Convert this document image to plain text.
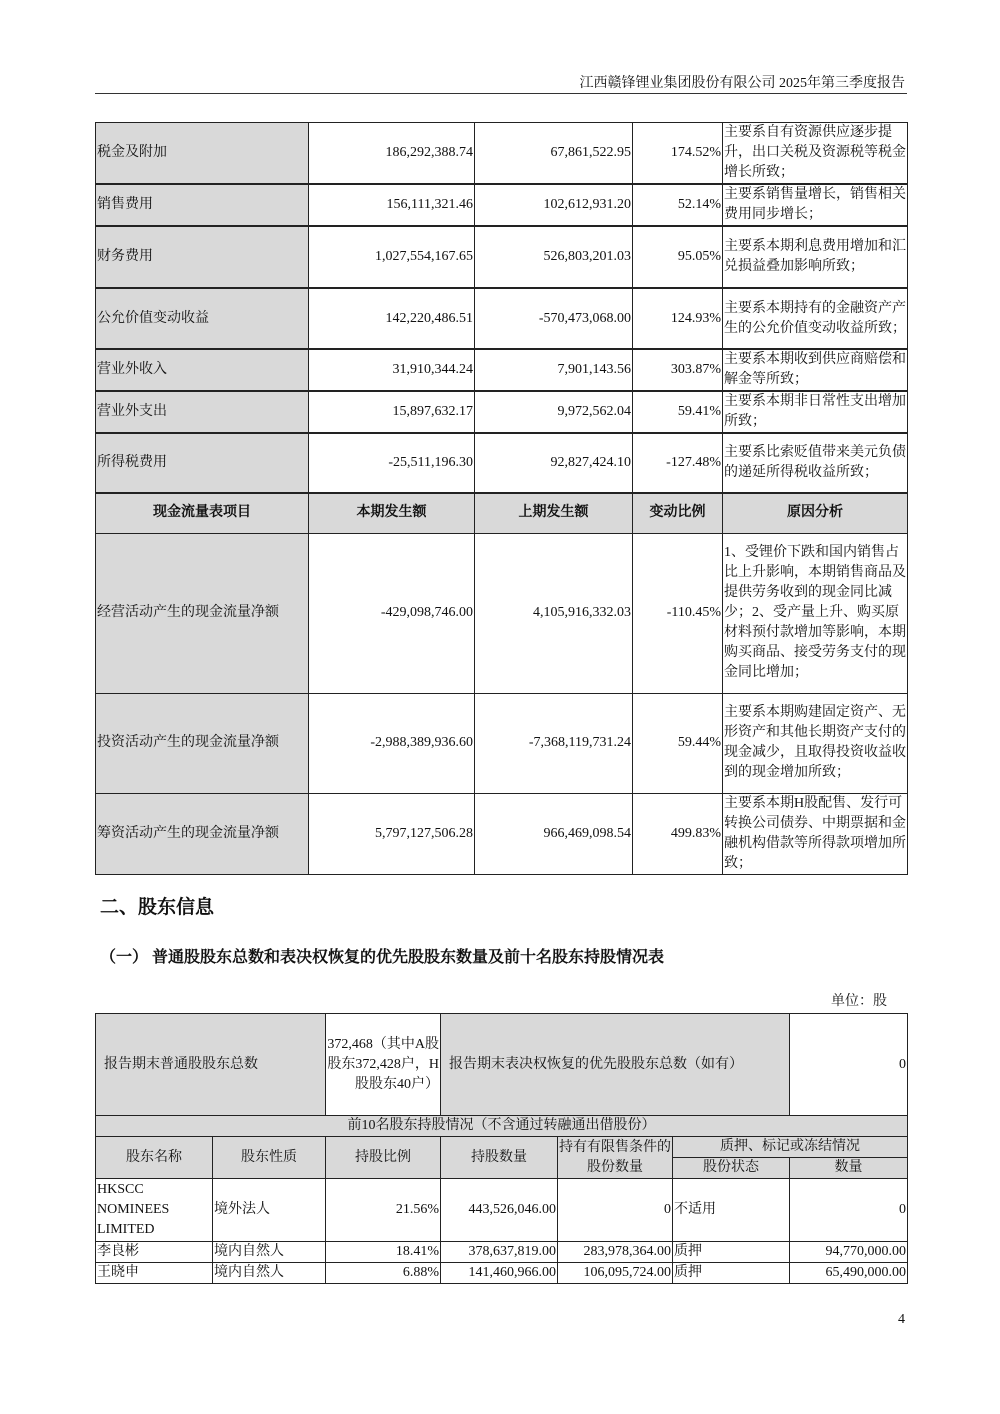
江西赣锋锂业集团股份有限公司 2025年第三季度报告
税金及附加	186,292,388.74	67,861,522.95	174.52%	主要系自有资源供应逐步提升，出口关税及资源税等税金增长所致；
销售费用	156,111,321.46	102,612,931.20	52.14%	主要系销售量增长，销售相关费用同步增长；
财务费用	1,027,554,167.65	526,803,201.03	95.05%	主要系本期利息费用增加和汇兑损益叠加影响所致；
公允价值变动收益	142,220,486.51	-570,473,068.00	124.93%	主要系本期持有的金融资产产生的公允价值变动收益所致；
营业外收入	31,910,344.24	7,901,143.56	303.87%	主要系本期收到供应商赔偿和解金等所致；
营业外支出	15,897,632.17	9,972,562.04	59.41%	主要系本期非日常性支出增加所致；
所得税费用	-25,511,196.30	92,827,424.10	-127.48%	主要系比索贬值带来美元负债的递延所得税收益所致；
现金流量表项目	本期发生额	上期发生额	变动比例	原因分析
经营活动产生的现金流量净额	-429,098,746.00	4,105,916,332.03	-110.45%	1、受锂价下跌和国内销售占比上升影响，本期销售商品及提供劳务收到的现金同比减少；2、受产量上升、购买原材料预付款增加等影响，本期购买商品、接受劳务支付的现金同比增加；
投资活动产生的现金流量净额	-2,988,389,936.60	-7,368,119,731.24	59.44%	主要系本期购建固定资产、无形资产和其他长期资产支付的现金减少，且取得投资收益收到的现金增加所致；
筹资活动产生的现金流量净额	5,797,127,506.28	966,469,098.54	499.83%	主要系本期H股配售、发行可转换公司债券、中期票据和金融机构借款等所得款项增加所致；
二、股东信息
（一） 普通股股东总数和表决权恢复的优先股股东数量及前十名股东持股情况表
单位：股
报告期末普通股股东总数		372,468（其中A股股东372,428户，H股股东40户）	报告期末表决权恢复的优先股股东总数（如有）			0
前10名股东持股情况（不含通过转融通出借股份）						
股东名称	股东性质	持股比例	持股数量	持有有限售条件的股份数量	质押、标记或冻结情况	
					股份状态	数量
HKSCC NOMINEES LIMITED	境外法人	21.56%	443,526,046.00	0	不适用	0
李良彬	境内自然人	18.41%	378,637,819.00	283,978,364.00	质押	94,770,000.00
王晓申	境内自然人	6.88%	141,460,966.00	106,095,724.00	质押	65,490,000.00
4
